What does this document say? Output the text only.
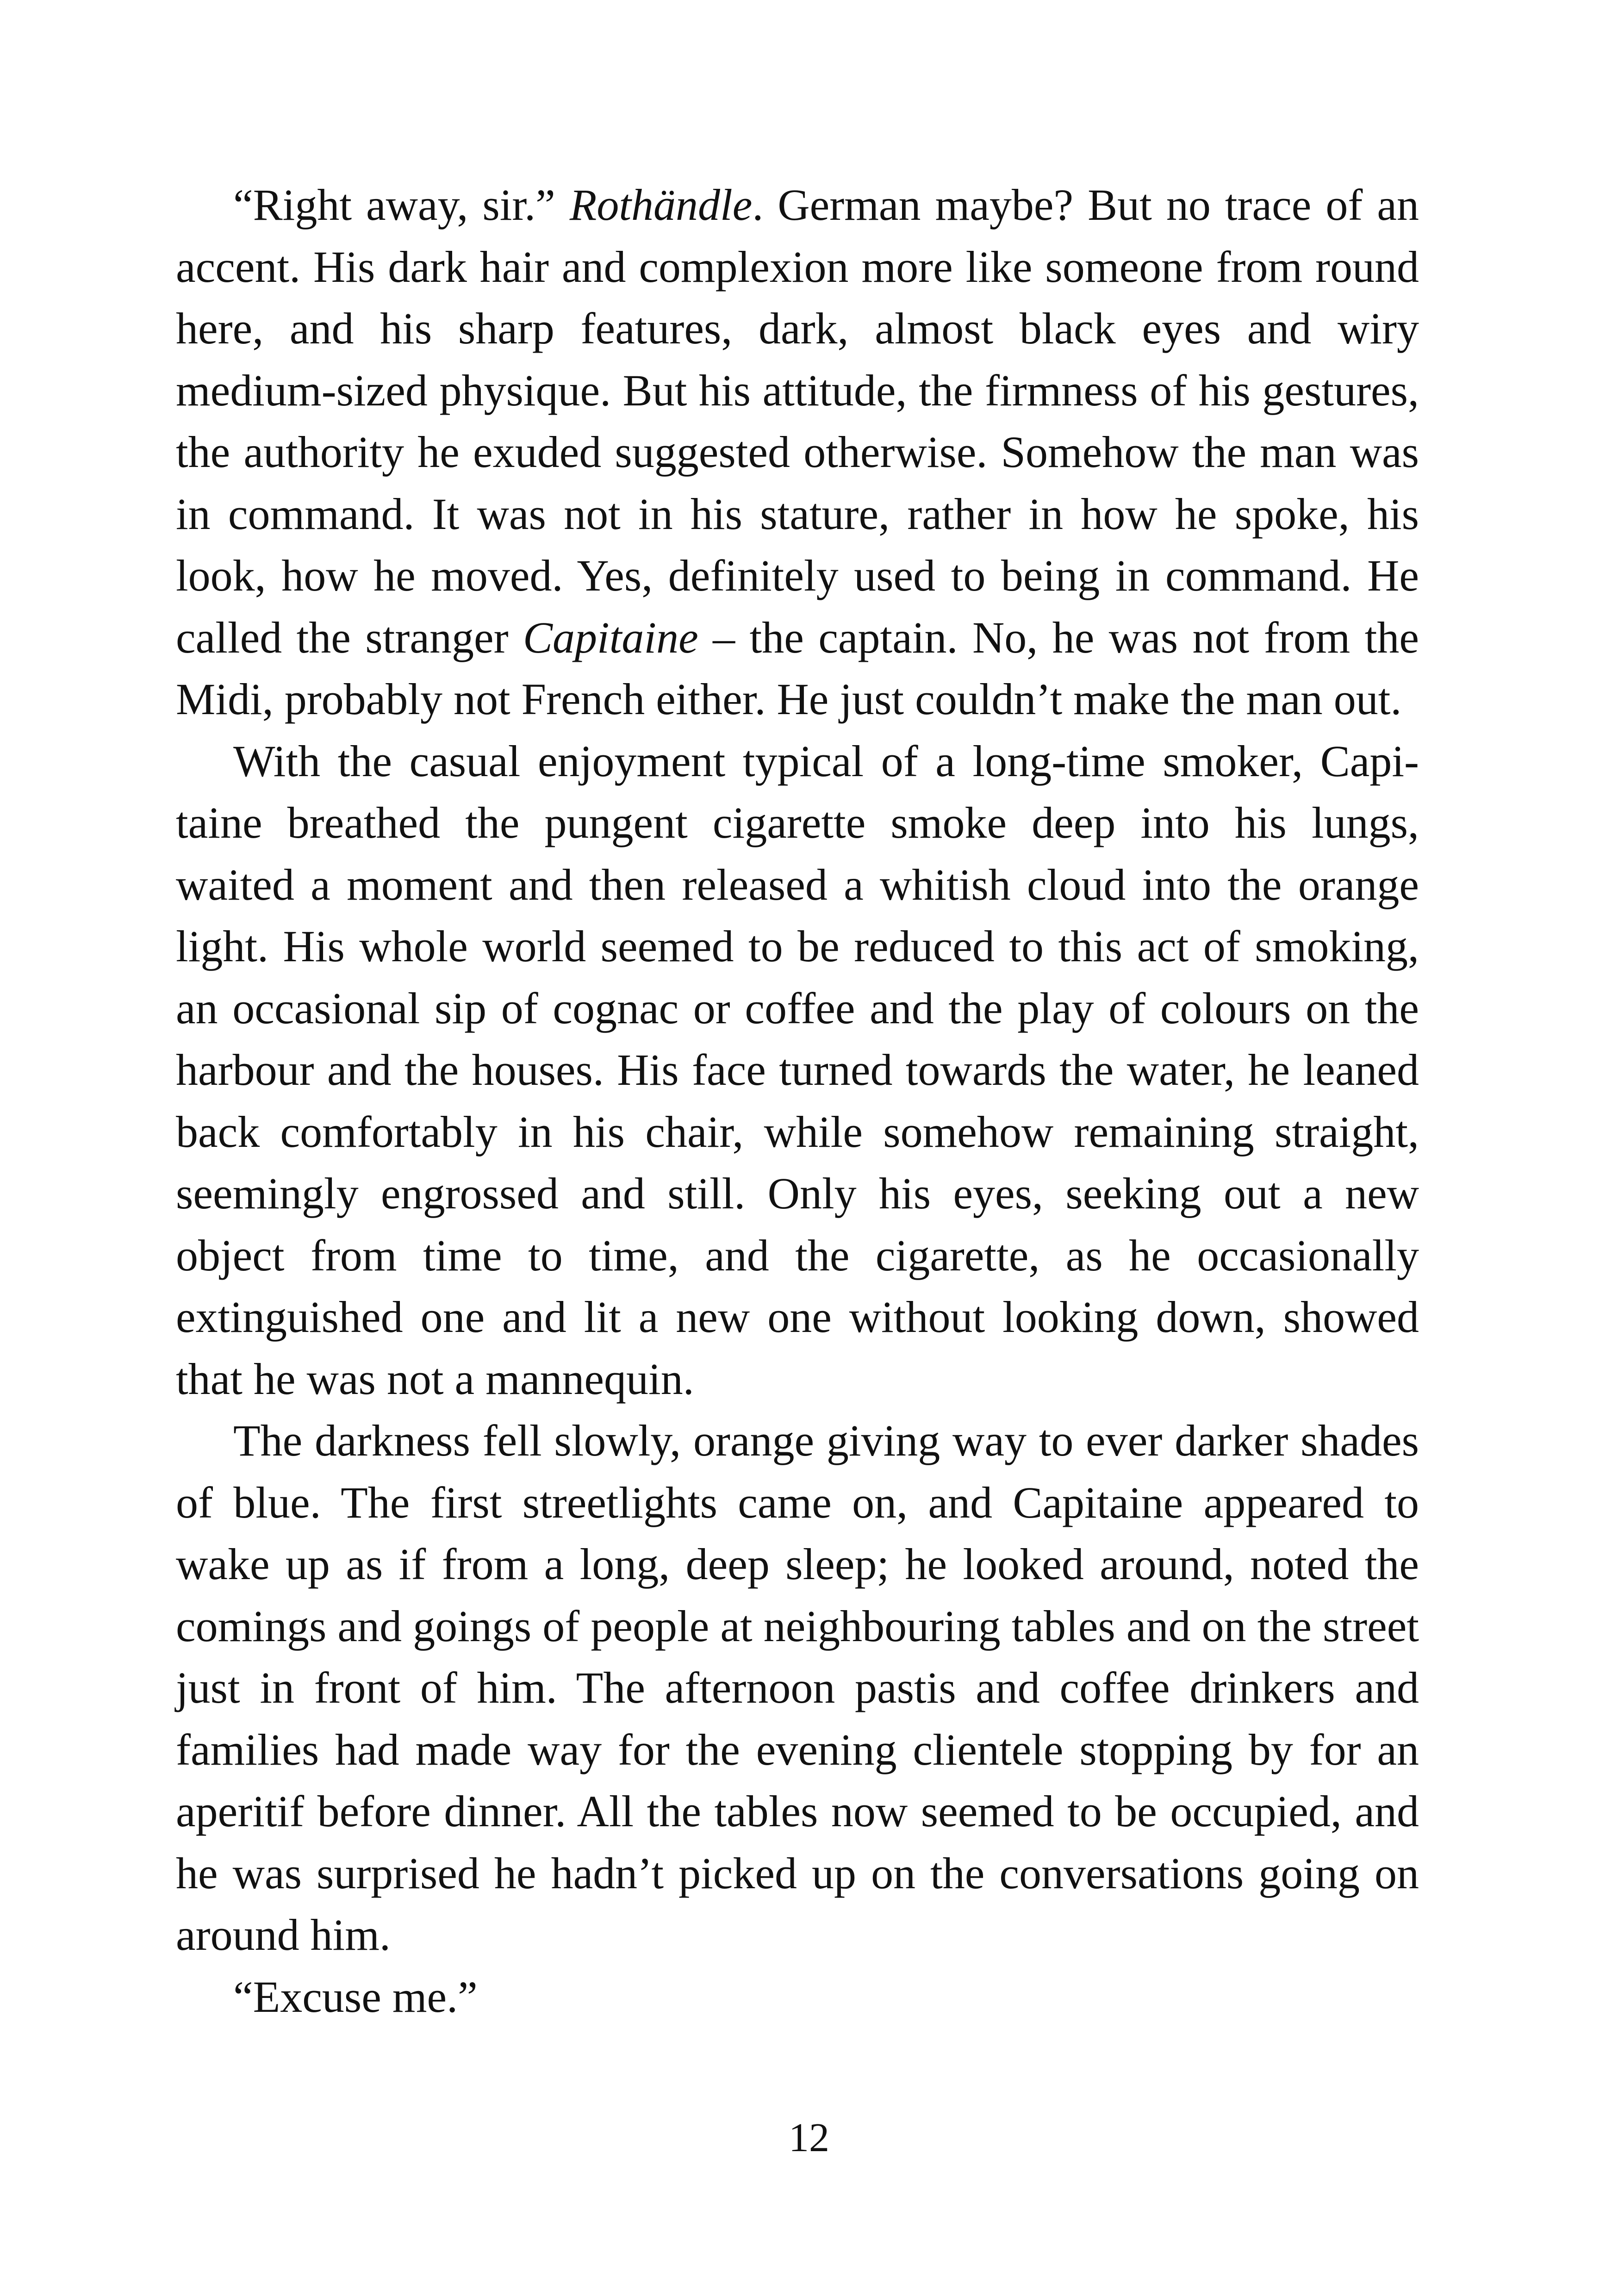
“Right away, sir.” Rothändle. German maybe? But no trace of an accent. His dark hair and complexion more like someone from round here, and his sharp features, dark, almost black eyes and wiry medium-sized physique. But his attitude, the firmness of his gestures, the authority he exuded suggested otherwise. Somehow the man was in command. It was not in his stature, rather in how he spoke, his look, how he moved. Yes, definitely used to being in command. He called the stranger Capitaine – the captain. No, he was not from the Midi, probably not French either. He just couldn’t make the man out.

With the casual enjoyment typical of a long-time smoker, Capitaine breathed the pungent cigarette smoke deep into his lungs, waited a moment and then released a whitish cloud into the orange light. His whole world seemed to be reduced to this act of smoking, an occasional sip of cognac or coffee and the play of colours on the harbour and the houses. His face turned towards the water, he leaned back comfortably in his chair, while somehow remaining straight, seemingly engrossed and still. Only his eyes, seeking out a new object from time to time, and the cigarette, as he occasionally extinguished one and lit a new one without looking down, showed that he was not a mannequin.

The darkness fell slowly, orange giving way to ever darker shades of blue. The first streetlights came on, and Capitaine appeared to wake up as if from a long, deep sleep; he looked around, noted the comings and goings of people at neighbouring tables and on the street just in front of him. The afternoon pastis and coffee drinkers and families had made way for the evening clientele stopping by for an aperitif before dinner. All the tables now seemed to be occupied, and he was surprised he hadn’t picked up on the conversations going on around him.

“Excuse me.”

12
